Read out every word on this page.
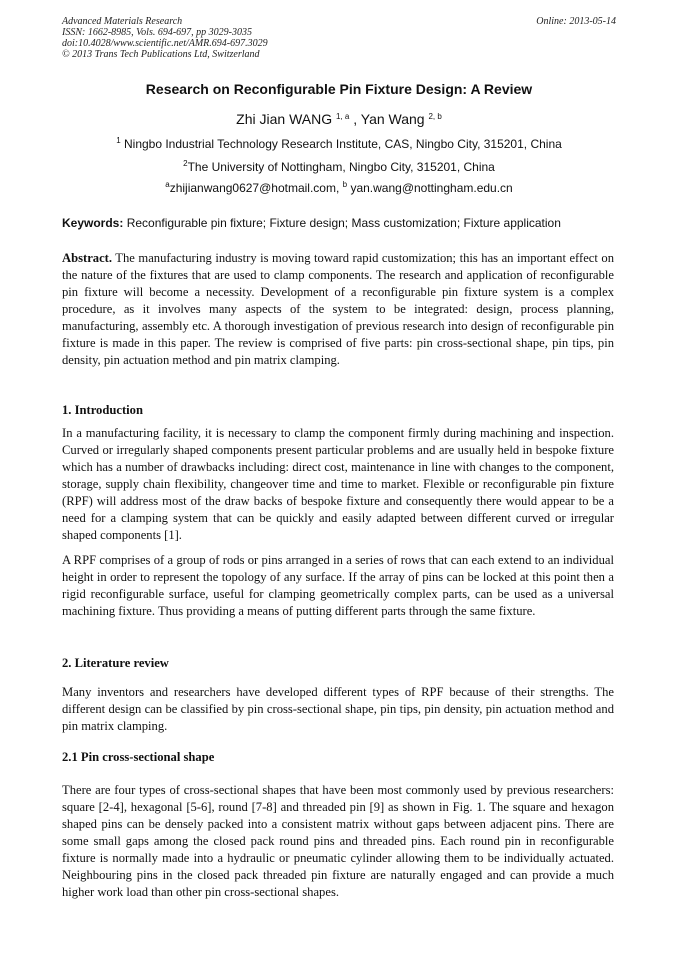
Advanced Materials Research
ISSN: 1662-8985, Vols. 694-697, pp 3029-3035
doi:10.4028/www.scientific.net/AMR.694-697.3029
© 2013 Trans Tech Publications Ltd, Switzerland
Online: 2013-05-14
Research on Reconfigurable Pin Fixture Design: A Review
Zhi Jian WANG $^{1, a}$ , Yan Wang $^{2, b}$
$^1$ Ningbo Industrial Technology Research Institute, CAS, Ningbo City, 315201, China
$^2$The University of Nottingham, Ningbo City, 315201, China
$^a$zhijianwang0627@hotmail.com, $^b$ yan.wang@nottingham.edu.cn
Keywords: Reconfigurable pin fixture; Fixture design; Mass customization; Fixture application
Abstract. The manufacturing industry is moving toward rapid customization; this has an important effect on the nature of the fixtures that are used to clamp components. The research and application of reconfigurable pin fixture will become a necessity. Development of a reconfigurable pin fixture system is a complex procedure, as it involves many aspects of the system to be integrated: design, process planning, manufacturing, assembly etc. A thorough investigation of previous research into design of reconfigurable pin fixture is made in this paper. The review is comprised of five parts: pin cross-sectional shape, pin tips, pin density, pin actuation method and pin matrix clamping.
1. Introduction
In a manufacturing facility, it is necessary to clamp the component firmly during machining and inspection. Curved or irregularly shaped components present particular problems and are usually held in bespoke fixture which has a number of drawbacks including: direct cost, maintenance in line with changes to the component, storage, supply chain flexibility, changeover time and time to market. Flexible or reconfigurable pin fixture (RPF) will address most of the draw backs of bespoke fixture and consequently there would appear to be a need for a clamping system that can be quickly and easily adapted between different curved or irregular shaped components [1].
A RPF comprises of a group of rods or pins arranged in a series of rows that can each extend to an individual height in order to represent the topology of any surface. If the array of pins can be locked at this point then a rigid reconfigurable surface, useful for clamping geometrically complex parts, can be used as a universal machining fixture. Thus providing a means of putting different parts through the same fixture.
2. Literature review
Many inventors and researchers have developed different types of RPF because of their strengths. The different design can be classified by pin cross-sectional shape, pin tips, pin density, pin actuation method and pin matrix clamping.
2.1 Pin cross-sectional shape
There are four types of cross-sectional shapes that have been most commonly used by previous researchers: square [2-4], hexagonal [5-6], round [7-8] and threaded pin [9] as shown in Fig. 1. The square and hexagon shaped pins can be densely packed into a consistent matrix without gaps between adjacent pins. There are some small gaps among the closed pack round pins and threaded pins. Each round pin in reconfigurable fixture is normally made into a hydraulic or pneumatic cylinder allowing them to be individually actuated. Neighbouring pins in the closed pack threaded pin fixture are naturally engaged and can provide a much higher work load than other pin cross-sectional shapes.
